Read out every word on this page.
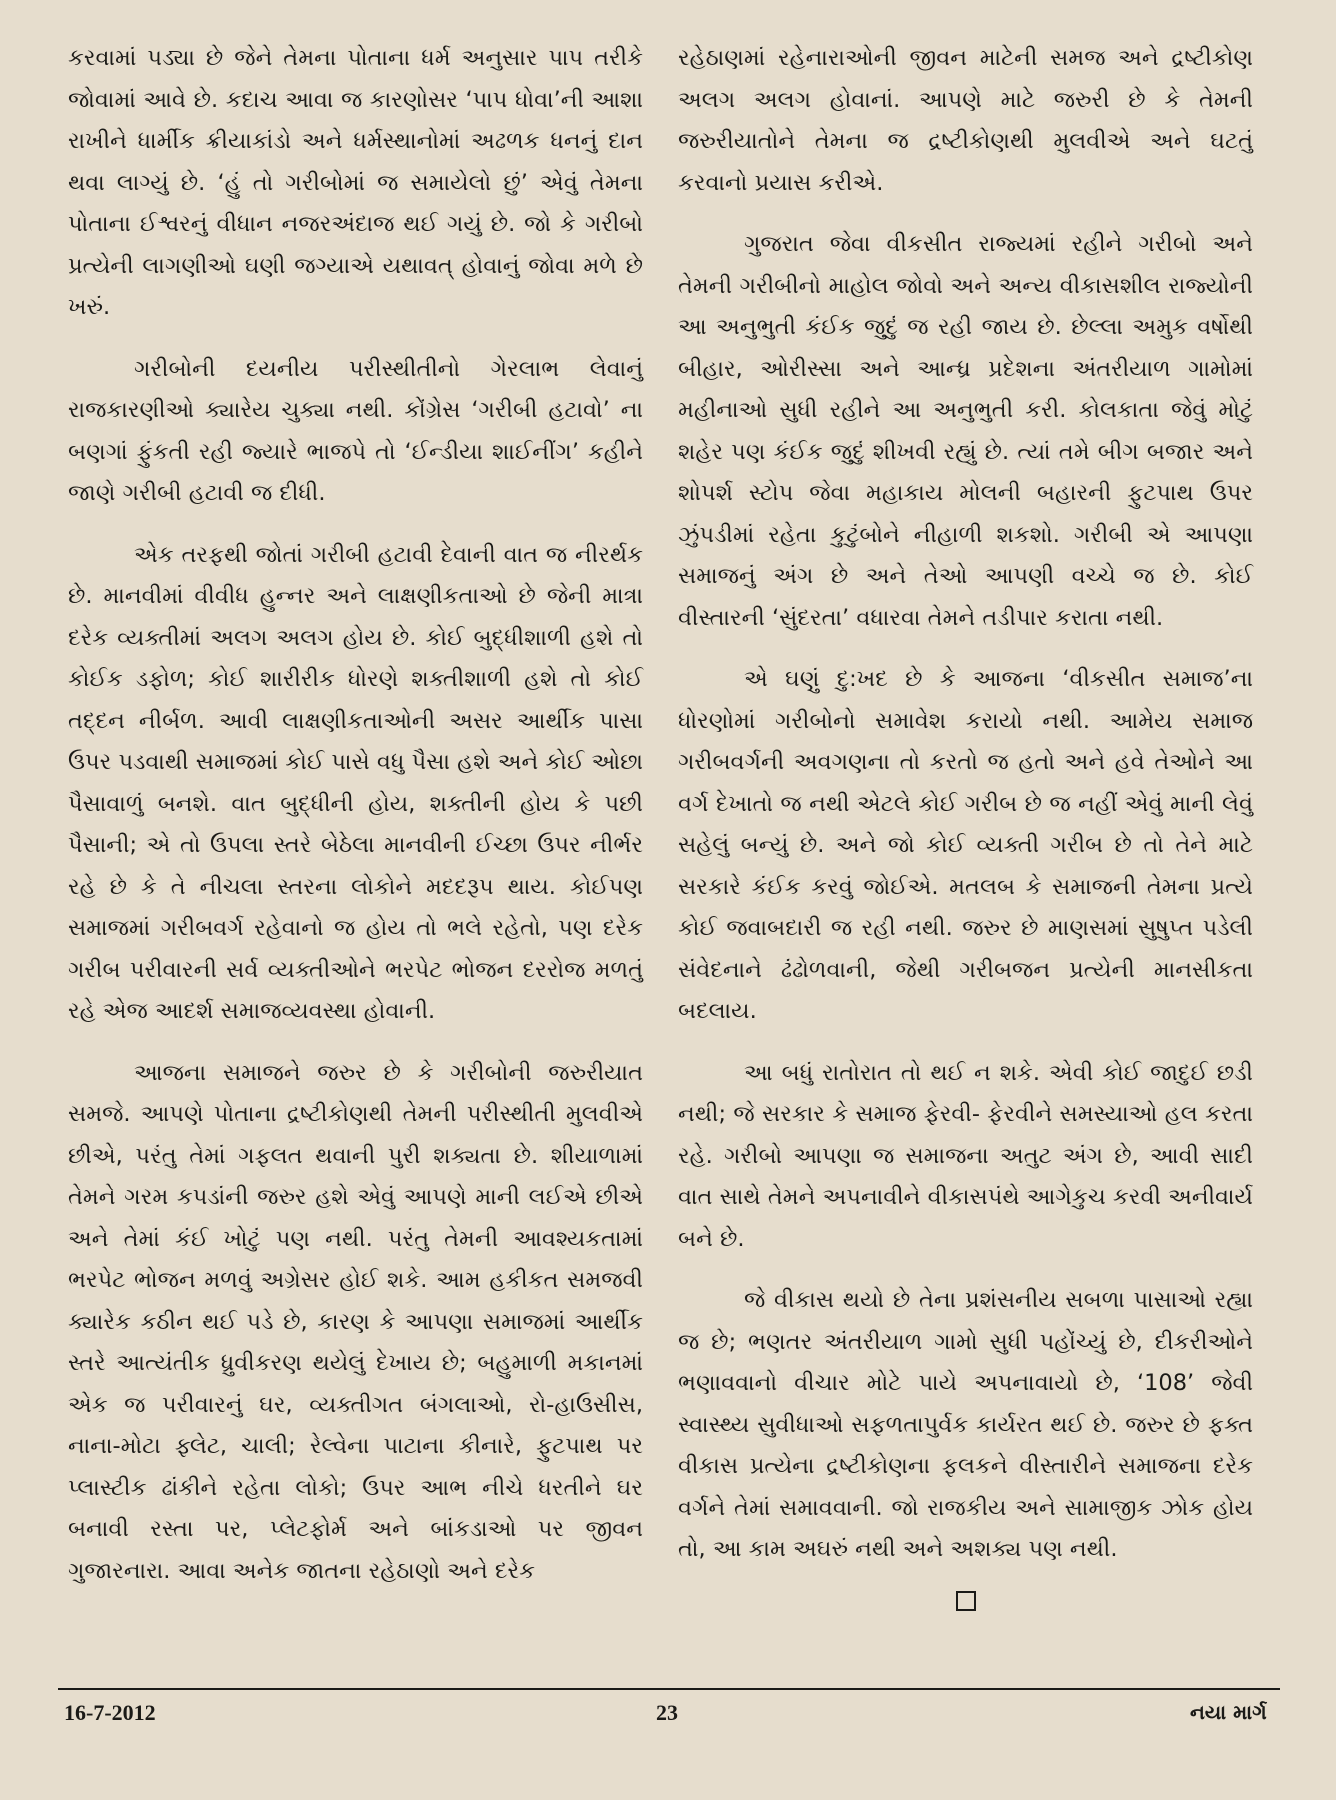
કરવામાં પડ્યા છે જેને તેમના પોતાના ધર્મ અનુસાર પાપ તરીકે જોવામાં આવે છે. કદાચ આવા જ કારણોસર ‘પાપ ધોવા’ની આશા રાખીને ધાર્મીક ક્રીયાકાંડો અને ધર્મસ્થાનોમાં અઢળક ધનનું દાન થવા લાગ્યું છે. ‘હું તો ગરીબોમાં જ સમાયેલો છું’ એવું તેમના પોતાના ઈશ્વરનું વીધાન નજરઅંદાજ થઈ ગયું છે. જો કે ગરીબો પ્રત્યેની લાગણીઓ ઘણી જગ્યાએ યથાવત્ હોવાનું જોવા મળે છે ખરું.

ગરીબોની દયનીય પરીસ્થીતીનો ગેરલાભ લેવાનું રાજકારણીઓ ક્યારેય ચુક્યા નથી. કોંગ્રેસ ‘ગરીબી હટાવો’ ના બણગાં ફુંકતી રહી જ્યારે ભાજપે તો ‘ઈન્ડીયા શાઈનીંગ’ કહીને જાણે ગરીબી હટાવી જ દીધી.

એક તરફથી જોતાં ગરીબી હટાવી દેવાની વાત જ નીરર્થક છે. માનવીમાં વીવીધ હુન્નર અને લાક્ષણીકતાઓ છે જેની માત્રા દરેક વ્યક્તીમાં અલગ અલગ હોય છે. કોઈ બુદ્ધીશાળી હશે તો કોઈક ડફોળ; કોઈ શારીરીક ધોરણે શક્તીશાળી હશે તો કોઈ તદ્દન નીર્બળ. આવી લાક્ષણીકતાઓની અસર આર્થીક પાસા ઉપર પડવાથી સમાજમાં કોઈ પાસે વધુ પૈસા હશે અને કોઈ ઓછા પૈસાવાળું બનશે. વાત બુદ્ધીની હોય, શક્તીની હોય કે પછી પૈસાની; એ તો ઉપલા સ્તરે બેઠેલા માનવીની ઈચ્છા ઉપર નીર્ભર રહે છે કે તે નીચલા સ્તરના લોકોને મદદરૂપ થાય. કોઈપણ સમાજમાં ગરીબવર્ગ રહેવાનો જ હોય તો ભલે રહેતો, પણ દરેક ગરીબ પરીવારની સર્વ વ્યક્તીઓને ભરપેટ ભોજન દરરોજ મળતું રહે એજ આદર્શ સમાજવ્યવસ્થા હોવાની.

આજના સમાજને જરુર છે કે ગરીબોની જરુરીયાત સમજે. આપણે પોતાના દ્રષ્ટીકોણથી તેમની પરીસ્થીતી મુલવીએ છીએ, પરંતુ તેમાં ગફલત થવાની પુરી શક્યતા છે. શીયાળામાં તેમને ગરમ કપડાંની જરુર હશે એવું આપણે માની લઈએ છીએ અને તેમાં કંઈ ખોટું પણ નથી. પરંતુ તેમની આવશ્યકતામાં ભરપેટ ભોજન મળવું અગ્રેસર હોઈ શકે. આમ હકીકત સમજવી ક્યારેક કઠીન થઈ પડે છે, કારણ કે આપણા સમાજમાં આર્થીક સ્તરે આત્યંતીક ધ્રુવીકરણ થયેલું દેખાય છે; બહુમાળી મકાનમાં એક જ પરીવારનું ઘર, વ્યક્તીગત બંગલાઓ, રો-હાઉસીસ, નાના-મોટા ફ્લેટ, ચાલી; રેલ્વેના પાટાના કીનારે, ફુટપાથ પર પ્લાસ્ટીક ઢાંકીને રહેતા લોકો; ઉપર આભ નીચે ધરતીને ઘર બનાવી રસ્તા પર, પ્લેટફોર્મ અને બાંકડાઓ પર જીવન ગુજારનારા. આવા અનેક જાતના રહેઠાણો અને દરેક

રહેઠાણમાં રહેનારાઓની જીવન માટેની સમજ અને દ્રષ્ટીકોણ અલગ અલગ હોવાનાં. આપણે માટે જરુરી છે કે તેમની જરુરીયાતોને તેમના જ દ્રષ્ટીકોણથી મુલવીએ અને ઘટતું કરવાનો પ્રયાસ કરીએ.

ગુજરાત જેવા વીકસીત રાજ્યમાં રહીને ગરીબો અને તેમની ગરીબીનો માહોલ જોવો અને અન્ય વીકાસશીલ રાજ્યોની આ અનુભુતી કંઈક જુદું જ રહી જાય છે. છેલ્લા અમુક વર્ષોથી બીહાર, ઓરીસ્સા અને આન્ધ્ર પ્રદેશના અંતરીયાળ ગામોમાં મહીનાઓ સુધી રહીને આ અનુભુતી કરી. કોલકાતા જેવું મોટું શહેર પણ કંઈક જુદું શીખવી રહ્યું છે. ત્યાં તમે બીગ બજાર અને શોપર્શ સ્ટોપ જેવા મહાકાય મોલની બહારની ફુટપાથ ઉપર ઝુંપડીમાં રહેતા કુટુંબોને નીહાળી શકશો. ગરીબી એ આપણા સમાજનું અંગ છે અને તેઓ આપણી વચ્ચે જ છે. કોઈ વીસ્તારની ‘સુંદરતા’ વધારવા તેમને તડીપાર કરાતા નથી.

એ ઘણું દુ:ખદ છે કે આજના ‘વીકસીત સમાજ’ના ધોરણોમાં ગરીબોનો સમાવેશ કરાયો નથી. આમેય સમાજ ગરીબવર્ગની અવગણના તો કરતો જ હતો અને હવે તેઓને આ વર્ગ દેખાતો જ નથી એટલે કોઈ ગરીબ છે જ નહીં એવું માની લેવું સહેલું બન્યું છે. અને જો કોઈ વ્યક્તી ગરીબ છે તો તેને માટે સરકારે કંઈક કરવું જોઈએ. મતલબ કે સમાજની તેમના પ્રત્યે કોઈ જવાબદારી જ રહી નથી. જરુર છે માણસમાં સુષુપ્ત પડેલી સંવેદનાને ઢંઢોળવાની, જેથી ગરીબજન પ્રત્યેની માનસીકતા બદલાય.

આ બધું રાતોરાત તો થઈ ન શકે. એવી કોઈ જાદુઈ છડી નથી; જે સરકાર કે સમાજ ફેરવી- ફેરવીને સમસ્યાઓ હલ કરતા રહે. ગરીબો આપણા જ સમાજના અતુટ અંગ છે, આવી સાદી વાત સાથે તેમને અપનાવીને વીકાસપંથે આગેકુચ કરવી અનીવાર્ય બને છે.

જે વીકાસ થયો છે તેના પ્રશંસનીય સબળા પાસાઓ રહ્યા જ છે; ભણતર અંતરીયાળ ગામો સુધી પહોંચ્યું છે, દીકરીઓને ભણાવવાનો વીચાર મોટે પાયે અપનાવાયો છે, ‘108’ જેવી સ્વાસ્થ્ય સુવીધાઓ સફળતાપુર્વક કાર્યરત થઈ છે. જરુર છે ફક્ત વીકાસ પ્રત્યેના દ્રષ્ટીકોણના ફલકને વીસ્તારીને સમાજના દરેક વર્ગને તેમાં સમાવવાની. જો રાજકીય અને સામાજીક ઝોક હોય તો, આ કામ અઘરું નથી અને અશક્ય પણ નથી.

16-7-2012	23	નયા માર્ગ
